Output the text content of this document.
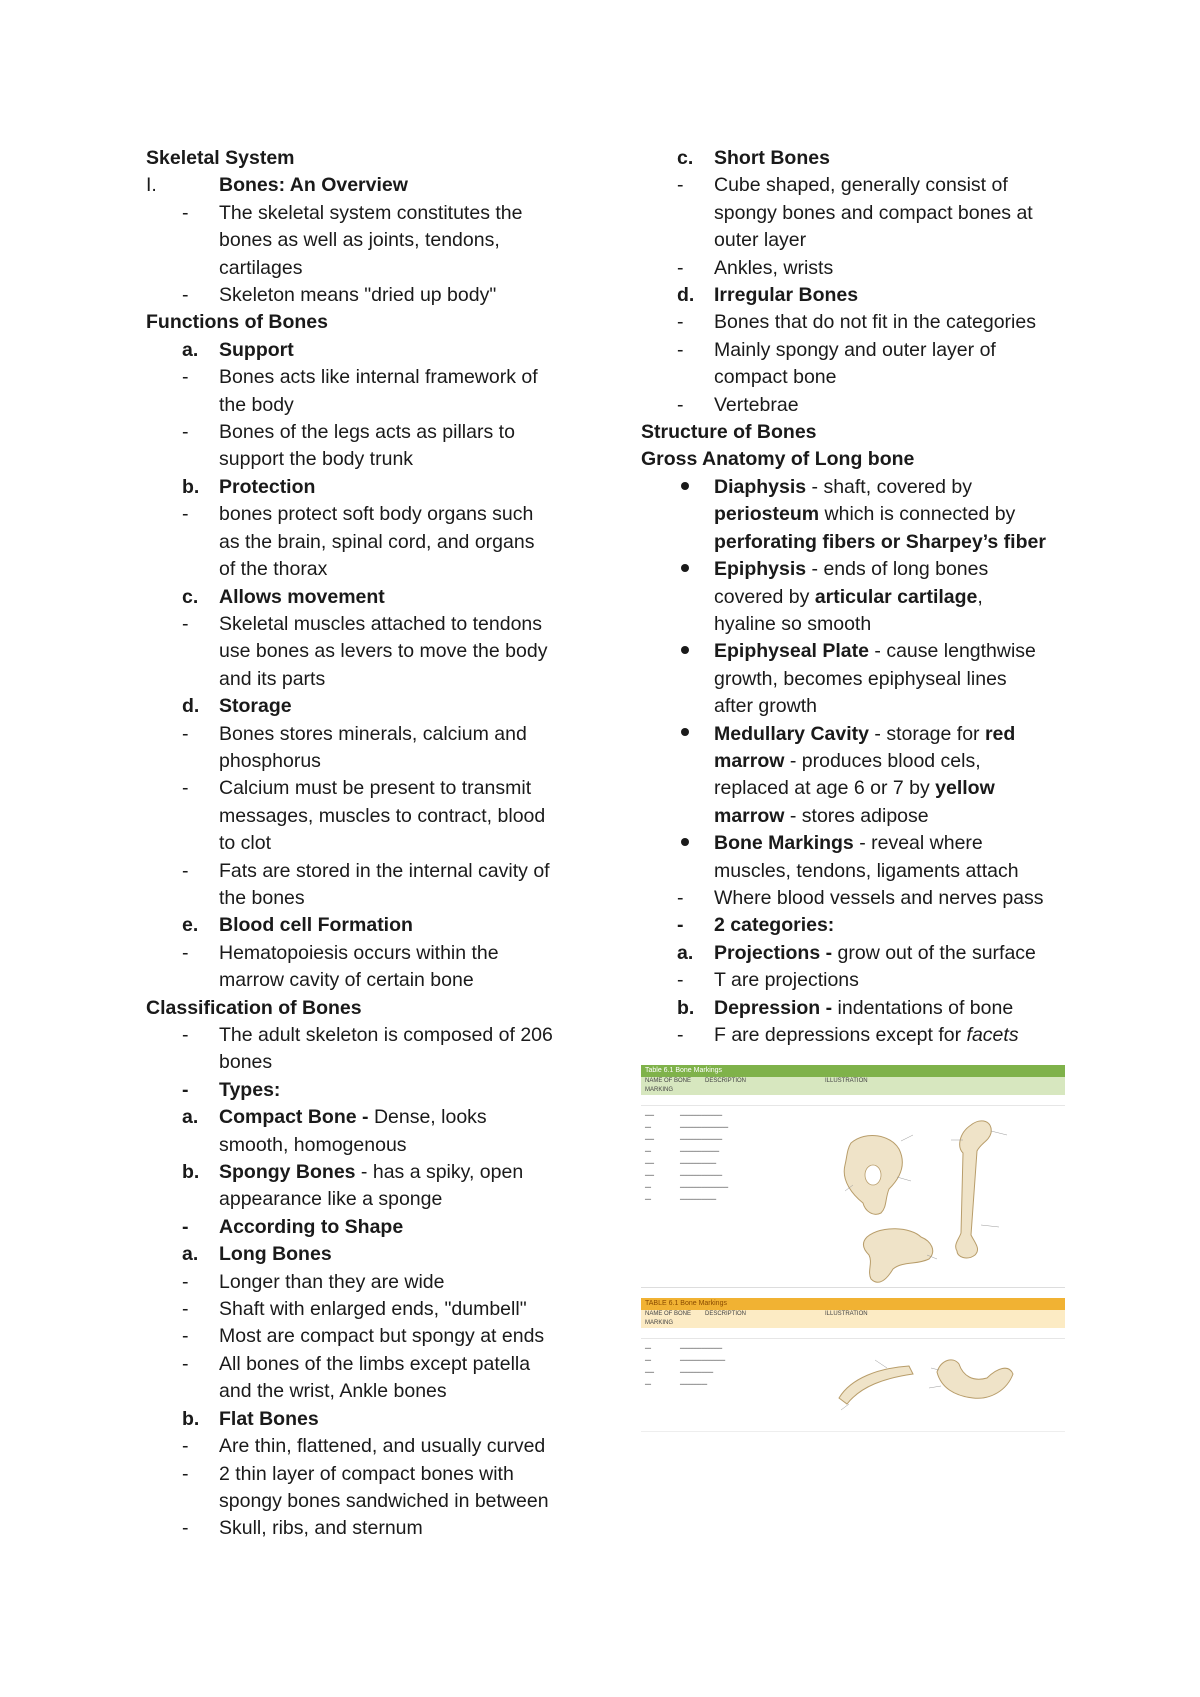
Skeletal System
I.	Bones: An Overview
-	The skeletal system constitutes the
bones as well as joints, tendons,
cartilages
-	Skeleton means "dried up body"
Functions of Bones
a.	Support
-	Bones acts like internal framework of
the body
-	Bones of the legs acts as pillars to
support the body trunk
b.	Protection
-	bones protect soft body organs such
as the brain, spinal cord, and organs
of the thorax
c.	Allows movement
-	Skeletal muscles attached to tendons
use bones as levers to move the body
and its parts
d.	Storage
-	Bones stores minerals, calcium and
phosphorus
-	Calcium must be present to transmit
messages, muscles to contract, blood
to clot
-	Fats are stored in the internal cavity of
the bones
e.	Blood cell Formation
-	Hematopoiesis occurs within the
marrow cavity of certain bone
Classification of Bones
-	The adult skeleton is composed of 206
bones
-	Types:
a.	Compact Bone - Dense, looks
smooth, homogenous
b.	Spongy Bones - has a spiky, open
appearance like a sponge
-	According to Shape
a.	Long Bones
-	Longer than they are wide
-	Shaft with enlarged ends, "dumbell"
-	Most are compact but spongy at ends
-	All bones of the limbs except patella
and the wrist, Ankle bones
b.	Flat Bones
-	Are thin, flattened, and usually curved
-	2 thin layer of compact bones with
spongy bones sandwiched in between
-	Skull, ribs, and sternum
c.	Short Bones
-	Cube shaped, generally consist of
spongy bones and compact bones at
outer layer
-	Ankles, wrists
d.	Irregular Bones
-	Bones that do not fit in the categories
-	Mainly spongy and outer layer of
compact bone
-	Vertebrae
Structure of Bones
Gross Anatomy of Long bone
Diaphysis - shaft, covered by
periosteum which is connected by
perforating fibers or Sharpey’s fiber
Epiphysis - ends of long bones
covered by articular cartilage,
hyaline so smooth
Epiphyseal Plate - cause lengthwise
growth, becomes epiphyseal lines
after growth
Medullary Cavity - storage for red
marrow - produces blood cels,
replaced at age 6 or 7 by yellow
marrow - stores adipose
Bone Markings - reveal where
muscles, tendons, ligaments attach
-	Where blood vessels and nerves pass
-	2 categories:
a.	Projections - grow out of the surface
-	T are projections
b.	Depression - indentations of bone
-	F are depressions except for facets
Table 6.1 Bone Markings
NAME OF BONE MARKING
DESCRIPTION	ILLUSTRATION

━━━	━━━━━━━━━━━━━━
━━	━━━━━━━━━━━━━━━━
━━━	━━━━━━━━━━━━━━
━━	━━━━━━━━━━━━━
━━━	━━━━━━━━━━━━
━━━	━━━━━━━━━━━━━━
━━	━━━━━━━━━━━━━━━━
━━	━━━━━━━━━━━━
TABLE 6.1 Bone Markings
NAME OF BONE MARKING
DESCRIPTION	ILLUSTRATION

━━	━━━━━━━━━━━━━━
━━	━━━━━━━━━━━━━━━
━━━	━━━━━━━━━━━
━━	━━━━━━━━━
